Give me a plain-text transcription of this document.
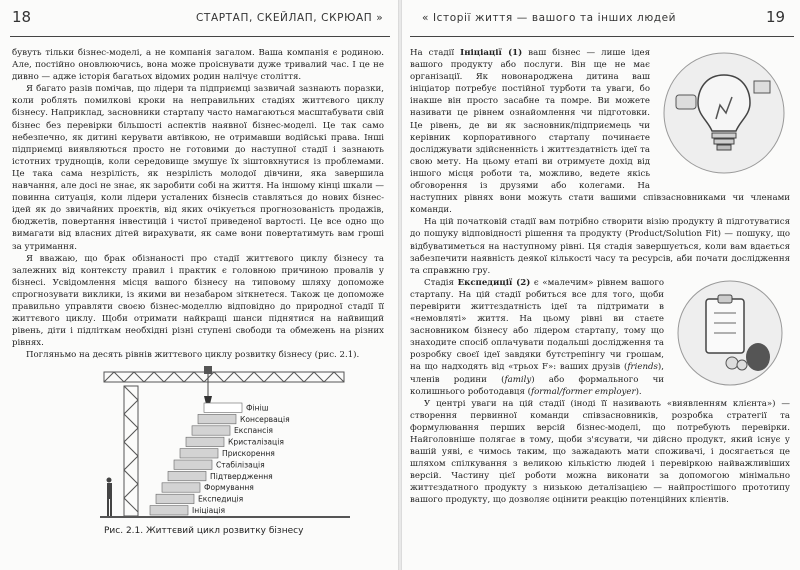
18	СТАРТАП, СКЕЙЛАП, СКРЮАП »

бувуть тільки бізнес-моделі, а не компанія загалом. Ваша компанія є родиною. Але, постійно оновлюючись, вона може проіснувати дуже тривалий час. І це не дивно — адже історія багатьох відомих родин налічує століття.

Я багато разів помічав, що лідери та підприємці зазвичай зазнають поразки, коли роблять помилкові кроки на неправильних стадіях життєвого циклу бізнесу. Наприклад, засновники стартапу часто намагаються масштабувати свій бізнес без перевірки більшості аспектів наявної бізнес-моделі. Це так само небезпечно, як дитині керувати автівкою, не отримавши водійські права. Інші підприємці виявляються просто не готовими до наступної стадії і зазнають істотних труднощів, коли середовище змушує їх зіштовхнутися із проблемами. Це така сама незрілість, як незрілість молодої дівчини, яка завершила навчання, але досі не знає, як заробити собі на життя. На іншому кінці шкали — повинна ситуація, коли лідери усталених бізнесів ставляться до нових бізнес-ідей як до звичайних проєктів, від яких очікується прогнозованість продажів, бюджетів, повертання інвестицій і чистої приведеної вартості. Це все одно що вимагати від власних дітей вирахувати, як саме вони повертатимуть вам гроші за утримання.

Я вважаю, що брак обізнаності про стадії життєвого циклу бізнесу та залежних від контексту правил і практик є головною причиною провалів у бізнесі. Усвідомлення місця вашого бізнесу на типовому шляху допоможе спрогнозувати виклики, із якими ви незабаром зіткнетеся. Також це допоможе правильно управляти своєю бізнес-моделлю відповідно до природної стадії її життєвого циклу. Щоби отримати найкращі шанси піднятися на найвищий рівень, діти і підліткам необхідні різні ступені свободи та обмежень на різних рівнях.

Погляньмо на десять рівнів життєвого циклу розвитку бізнесу (рис. 2.1).

Фініш
Консервація
Експансія
Кристалізація
Прискорення
Стабілізація
Підтвердження
Формування
Експедиція
Ініціація
Рис. 2.1. Життєвий цикл розвитку бізнесу
« Історії життя — вашого та інших людей	19

На стадії Ініціації (1) ваш бізнес — лише ідея вашого продукту або послуги. Він ще не має організації. Як новонароджена дитина ваш ініціатор потребує постійної турботи та уваги, бо інакше він просто засабне та помре. Ви можете називати це рівнем ознайомлення чи підготовки. Це рівень, де ви як засновник/підприємець чи керівник корпоративного стартапу починаєте досліджувати здійсненність і життєздатність ідеї та свою мету. На цьому етапі ви отримуєте дохід від іншого місця роботи та, можливо, ведете якісь обговорення із друзями або колегами. На наступних рівнях вони можуть стати вашими співзасновниками чи членами команди.

На цій початковій стадії вам потрібно створити візію продукту й підготуватися до пошуку відповідності рішення та продукту (Product/Solution Fit) — пошуку, що відбуватиметься на наступному рівні. Ця стадія завершується, коли вам вдається забезпечити наявність деякої кількості часу та ресурсів, аби почати дослідження та справжню гру.

Стадія Експедиції (2) є «малечим» рівнем вашого стартапу. На цій стадії робиться все для того, щоби перевірити життєздатність ідеї та підтримати в «немовляті» життя. На цьому рівні ви стаєте засновником бізнесу або лідером стартапу, тому що знаходите спосіб оплачувати подальші дослідження та розробку своєї ідеї завдяки бутстрепінгу чи грошам, на що надходять від «трьох F»: ваших друзів (friends), членів родини (family) або формального чи колишнього роботодавця (formal/former employer).

У центрі уваги на цій стадії (іноді її називають «виявленням клієнта») — створення первинної команди співзасновників, розробка стратегії та формулювання перших версій бізнес-моделі, що потребують перевірки. Найголовніше полягає в тому, щоби з'ясувати, чи дійсно продукт, який існує у вашій уяві, є чимось таким, що зажадають мати споживачі, і досягається це шляхом спілкування з великою кількістю людей і перевіркою найважливіших версій. Частину цієї роботи можна виконати за допомогою мінімально життєздатного продукту з низькою деталізацією — найпростішого прототипу вашого продукту, що дозволяє оцінити реакцію потенційних клієнтів.
